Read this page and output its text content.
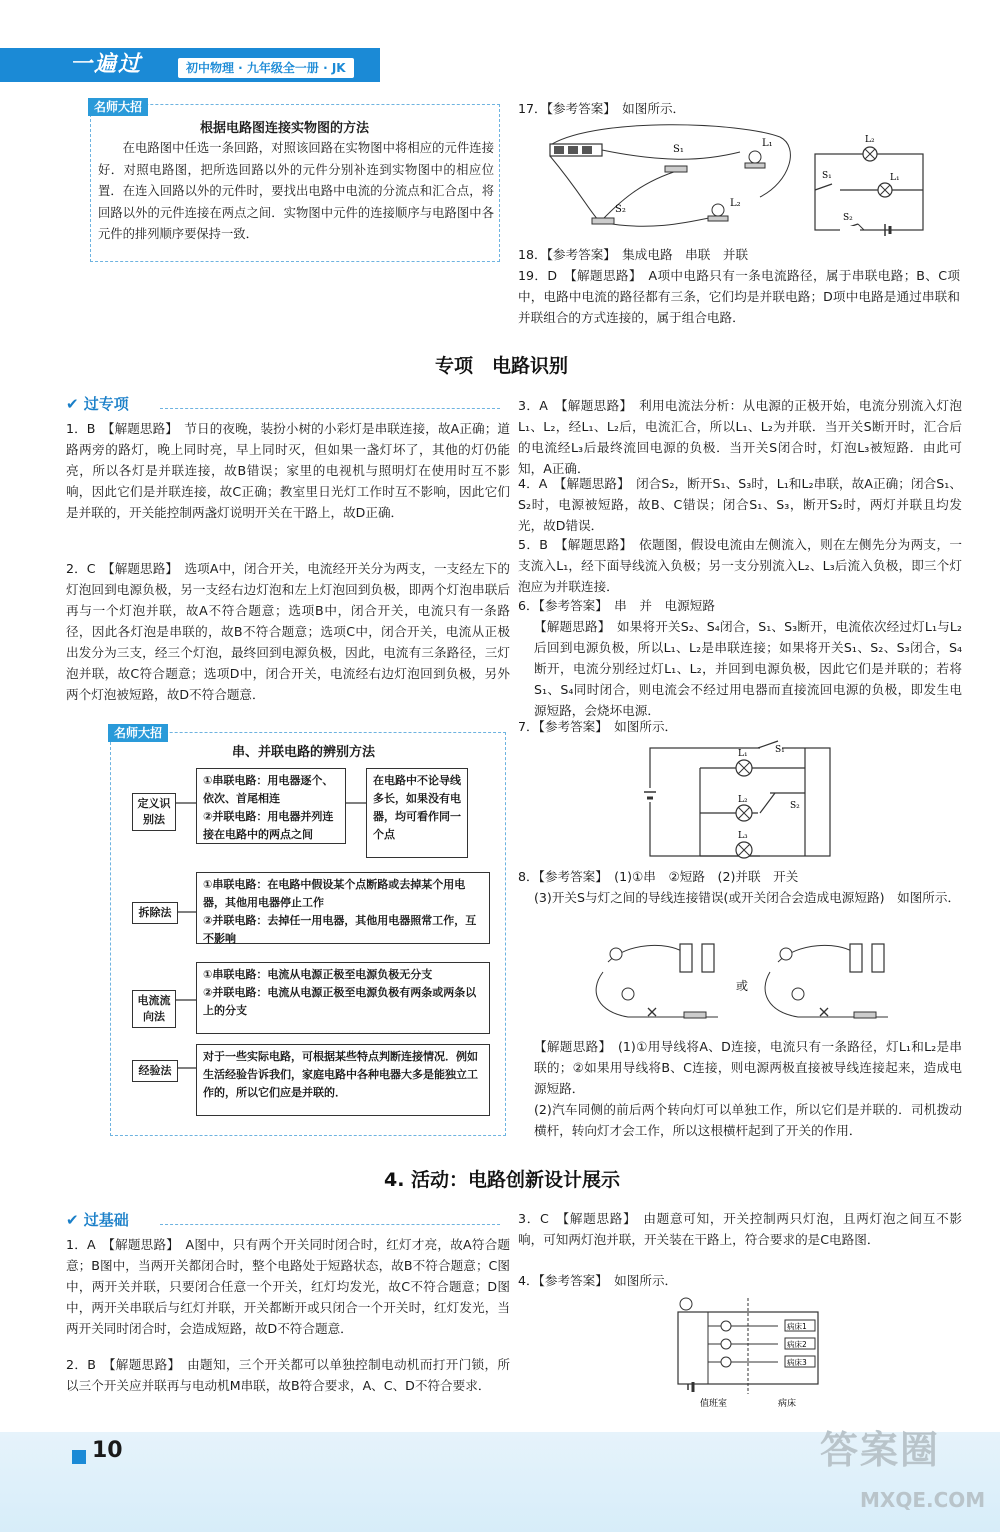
一遍过	初中物理 · 九年级全一册 · JK
名师大招
根据电路图连接实物图的方法
在电路图中任选一条回路，对照该回路在实物图中将相应的元件连接好．对照电路图，把所选回路以外的元件分别补连到实物图中的相应位置．在连入回路以外的元件时，要找出电路中电流的分流点和汇合点，将回路以外的元件连接在两点之间．实物图中元件的连接顺序与电路图中各元件的排列顺序要保持一致．
17．【参考答案】　如图所示．
S₁
S₂
L₁
L₂
L₂
S₁	L₁
S₂
18．【参考答案】　集成电路　串联　并联
19．D　【解题思路】　A项中电路只有一条电流路径，属于串联电路；B、C项中，电路中电流的路径都有三条，它们均是并联电路；D项中电路是通过串联和并联组合的方式连接的，属于组合电路．
专项　电路识别
✔ 过专项
1．B　【解题思路】　节日的夜晚，装扮小树的小彩灯是串联连接，故A正确；道路两旁的路灯，晚上同时亮，早上同时灭，但如果一盏灯坏了，其他的灯仍能亮，所以各灯是并联连接，故B错误；家里的电视机与照明灯在使用时互不影响，因此它们是并联连接，故C正确；教室里日光灯工作时互不影响，因此它们是并联的，开关能控制两盏灯说明开关在干路上，故D正确．
2．C　【解题思路】　选项A中，闭合开关，电流经开关分为两支，一支经左下的灯泡回到电源负极，另一支经右边灯泡和左上灯泡回到负极，即两个灯泡串联后再与一个灯泡并联，故A不符合题意；选项B中，闭合开关，电流只有一条路径，因此各灯泡是串联的，故B不符合题意；选项C中，闭合开关，电流从正极出发分为三支，经三个灯泡，最终回到电源负极，因此，电流有三条路径，三灯泡并联，故C符合题意；选项D中，闭合开关，电流经右边灯泡回到负极，另外两个灯泡被短路，故D不符合题意．
名师大招
串、并联电路的辨别方法
定义识别法
①串联电路：用电器逐个、依次、首尾相连
②并联电路：用电器并列连接在电路中的两点之间
在电路中不论导线多长，如果没有电器，均可看作同一个点
拆除法
①串联电路：在电路中假设某个点断路或去掉某个用电器，其他用电器停止工作
②并联电路：去掉任一用电器，其他用电器照常工作，互不影响
电流流向法
①串联电路：电流从电源正极至电源负极无分支
②并联电路：电流从电源正极至电源负极有两条或两条以上的分支
经验法
对于一些实际电路，可根据某些特点判断连接情况．例如生活经验告诉我们，家庭电路中各种电器大多是能独立工作的，所以它们应是并联的．
3．A　【解题思路】　利用电流法分析：从电源的正极开始，电流分别流入灯泡L₁、L₂，经L₁、L₂后，电流汇合，所以L₁、L₂为并联．当开关S断开时，汇合后的电流经L₃后最终流回电源的负极．当开关S闭合时，灯泡L₃被短路．由此可知，A正确．
4．A　【解题思路】　闭合S₂，断开S₁、S₃时，L₁和L₂串联，故A正确；闭合S₁、S₂时，电源被短路，故B、C错误；闭合S₁、S₃，断开S₂时，两灯并联且均发光，故D错误．
5．B　【解题思路】　依题图，假设电流由左侧流入，则在左侧先分为两支，一支流入L₁，经下面导线流入负极；另一支分别流入L₂、L₃后流入负极，即三个灯泡应为并联连接．
6．【参考答案】　串　并　电源短路
【解题思路】　如果将开关S₂、S₄闭合，S₁、S₃断开，电流依次经过灯L₁与L₂后回到电源负极，所以L₁、L₂是串联连接；如果将开关S₁、S₂、S₃闭合，S₄断开，电流分别经过灯L₁、L₂，并回到电源负极，因此它们是并联的；若将S₁、S₄同时闭合，则电流会不经过用电器而直接流回电源的负极，即发生电源短路，会烧坏电源．
7．【参考答案】　如图所示．
S₁
L₁
L₂
S₂
L₃
8．【参考答案】　(1)①串　②短路　(2)并联　开关
(3)开关S与灯之间的导线连接错误(或开关闭合会造成电源短路)　如图所示．
或
【解题思路】　(1)①用导线将A、D连接，电流只有一条路径，灯L₁和L₂是串联的；②如果用导线将B、C连接，则电源两极直接被导线连接起来，造成电源短路．
(2)汽车同侧的前后两个转向灯可以单独工作，所以它们是并联的．司机拨动横杆，转向灯才会工作，所以这根横杆起到了开关的作用．
4. 活动：电路创新设计展示
✔ 过基础
1．A　【解题思路】　A图中，只有两个开关同时闭合时，红灯才亮，故A符合题意；B图中，当两开关都闭合时，整个电路处于短路状态，故B不符合题意；C图中，两开关并联，只要闭合任意一个开关，红灯均发光，故C不符合题意；D图中，两开关串联后与红灯并联，开关都断开或只闭合一个开关时，红灯发光，当两开关同时闭合时，会造成短路，故D不符合题意．
2．B　【解题思路】　由题知，三个开关都可以单独控制电动机而打开门锁，所以三个开关应并联再与电动机M串联，故B符合要求，A、C、D不符合要求．
3．C　【解题思路】　由题意可知，开关控制两只灯泡，且两灯泡之间互不影响，可知两灯泡并联，开关装在干路上，符合要求的是C电路图．
4．【参考答案】　如图所示．
病床1
病床2
病床3
值班室	病床
10	答案圈
MXQE.COM
